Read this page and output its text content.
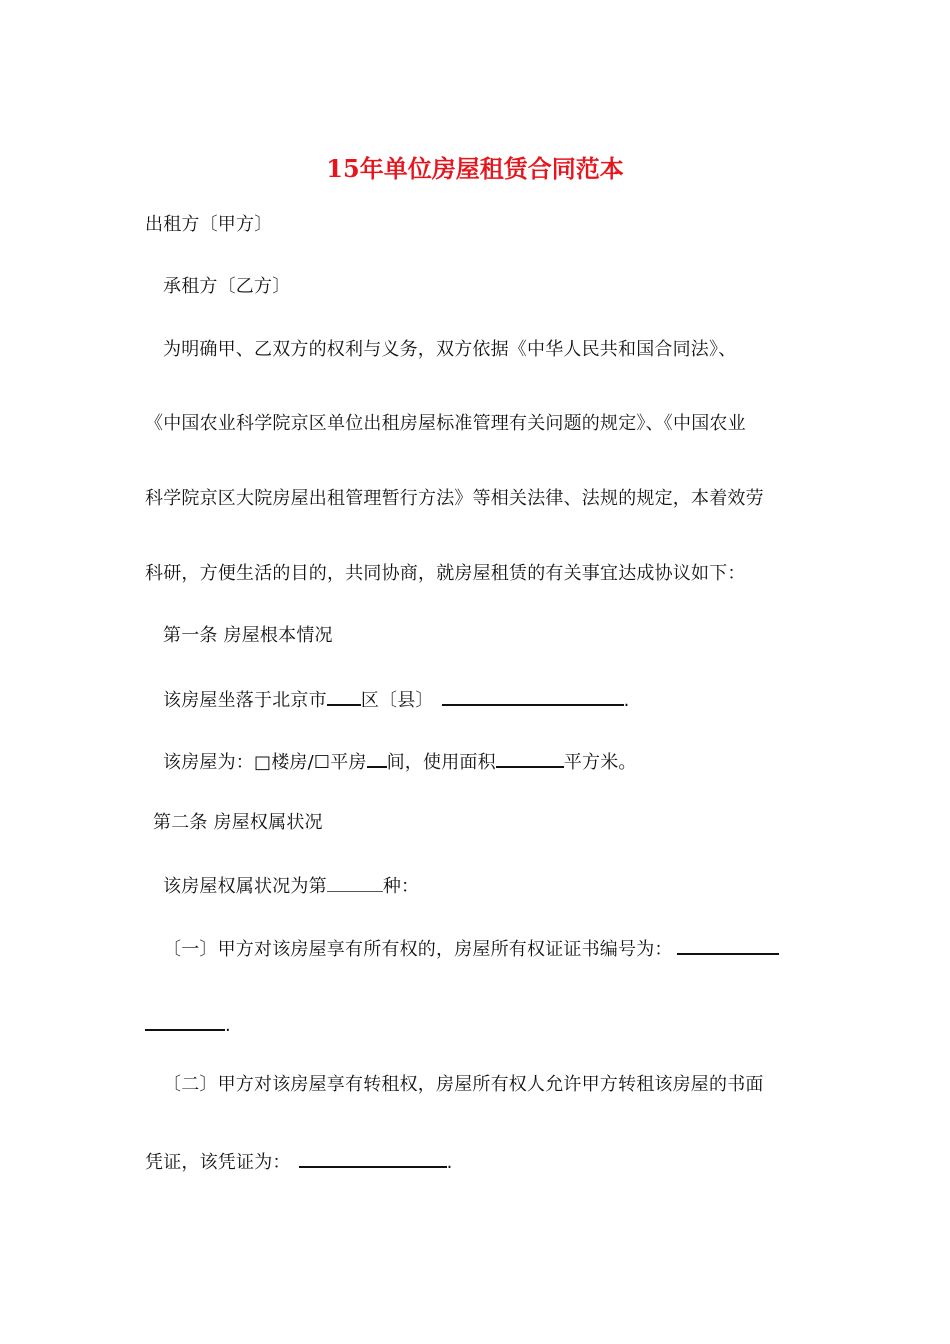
15年单位房屋租赁合同范本
出租方〔甲方〕
承租方〔乙方〕
为明确甲、乙双方的权利与义务，双方依据《中华人民共和国合同法》、
《中国农业科学院京区单位出租房屋标准管理有关问题的规定》、《中国农业
科学院京区大院房屋出租管理暂行方法》等相关法律、法规的规定，本着效劳
科研，方便生活的目的，共同协商，就房屋租赁的有关事宜达成协议如下：
第一条 房屋根本情况
该房屋坐落于北京市 区〔县〕	.
该房屋为：□楼房/☐平房 间，使用面积	平方米。
第二条 房屋权属状况
该房屋权属状况为第	种：
〔一〕甲方对该房屋享有所有权的，房屋所有权证证书编号为：
.
〔二〕甲方对该房屋享有转租权，房屋所有权人允许甲方转租该房屋的书面
凭证，该凭证为：	.
